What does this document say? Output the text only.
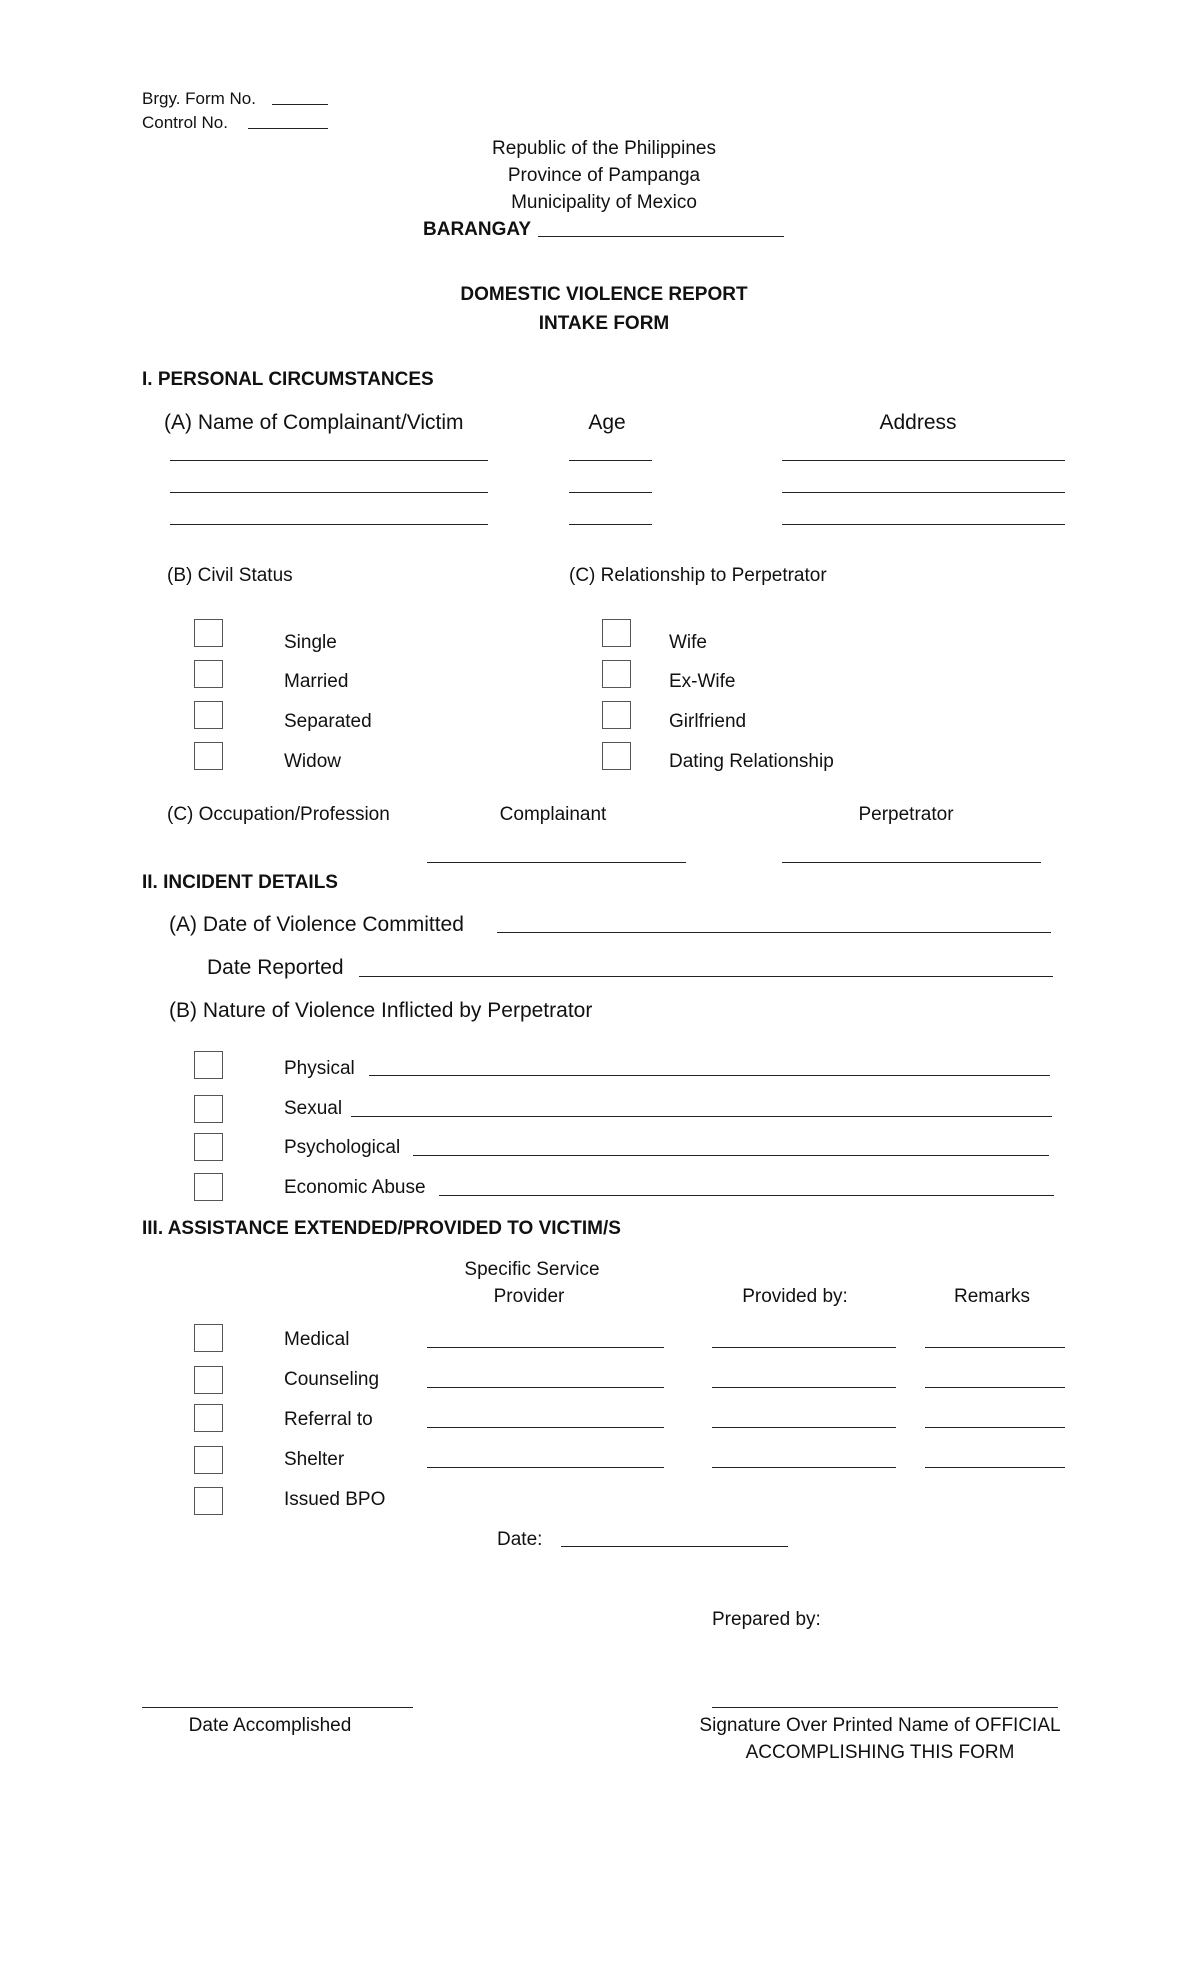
Brgy. Form No.
Control No.
Republic of the Philippines
Province of Pampanga
Municipality of Mexico
BARANGAY
DOMESTIC VIOLENCE REPORT
INTAKE FORM
I. PERSONAL CIRCUMSTANCES
(A) Name of Complainant/Victim	Age	Address
(B) Civil Status	(C) Relationship to Perpetrator
Single
Married
Separated
Widow
Wife
Ex-Wife
Girlfriend
Dating Relationship
(C) Occupation/Profession	Complainant	Perpetrator
II. INCIDENT DETAILS
(A) Date of Violence Committed
Date Reported
(B) Nature of Violence Inflicted by Perpetrator
Physical
Sexual
Psychological
Economic Abuse
III. ASSISTANCE EXTENDED/PROVIDED TO VICTIM/S
Specific Service
Provider	Provided by:	Remarks
Medical
Counseling
Referral to
Shelter
Issued BPO
Date:
Prepared by:
Date Accomplished	Signature Over Printed Name of OFFICIAL
ACCOMPLISHING THIS FORM
